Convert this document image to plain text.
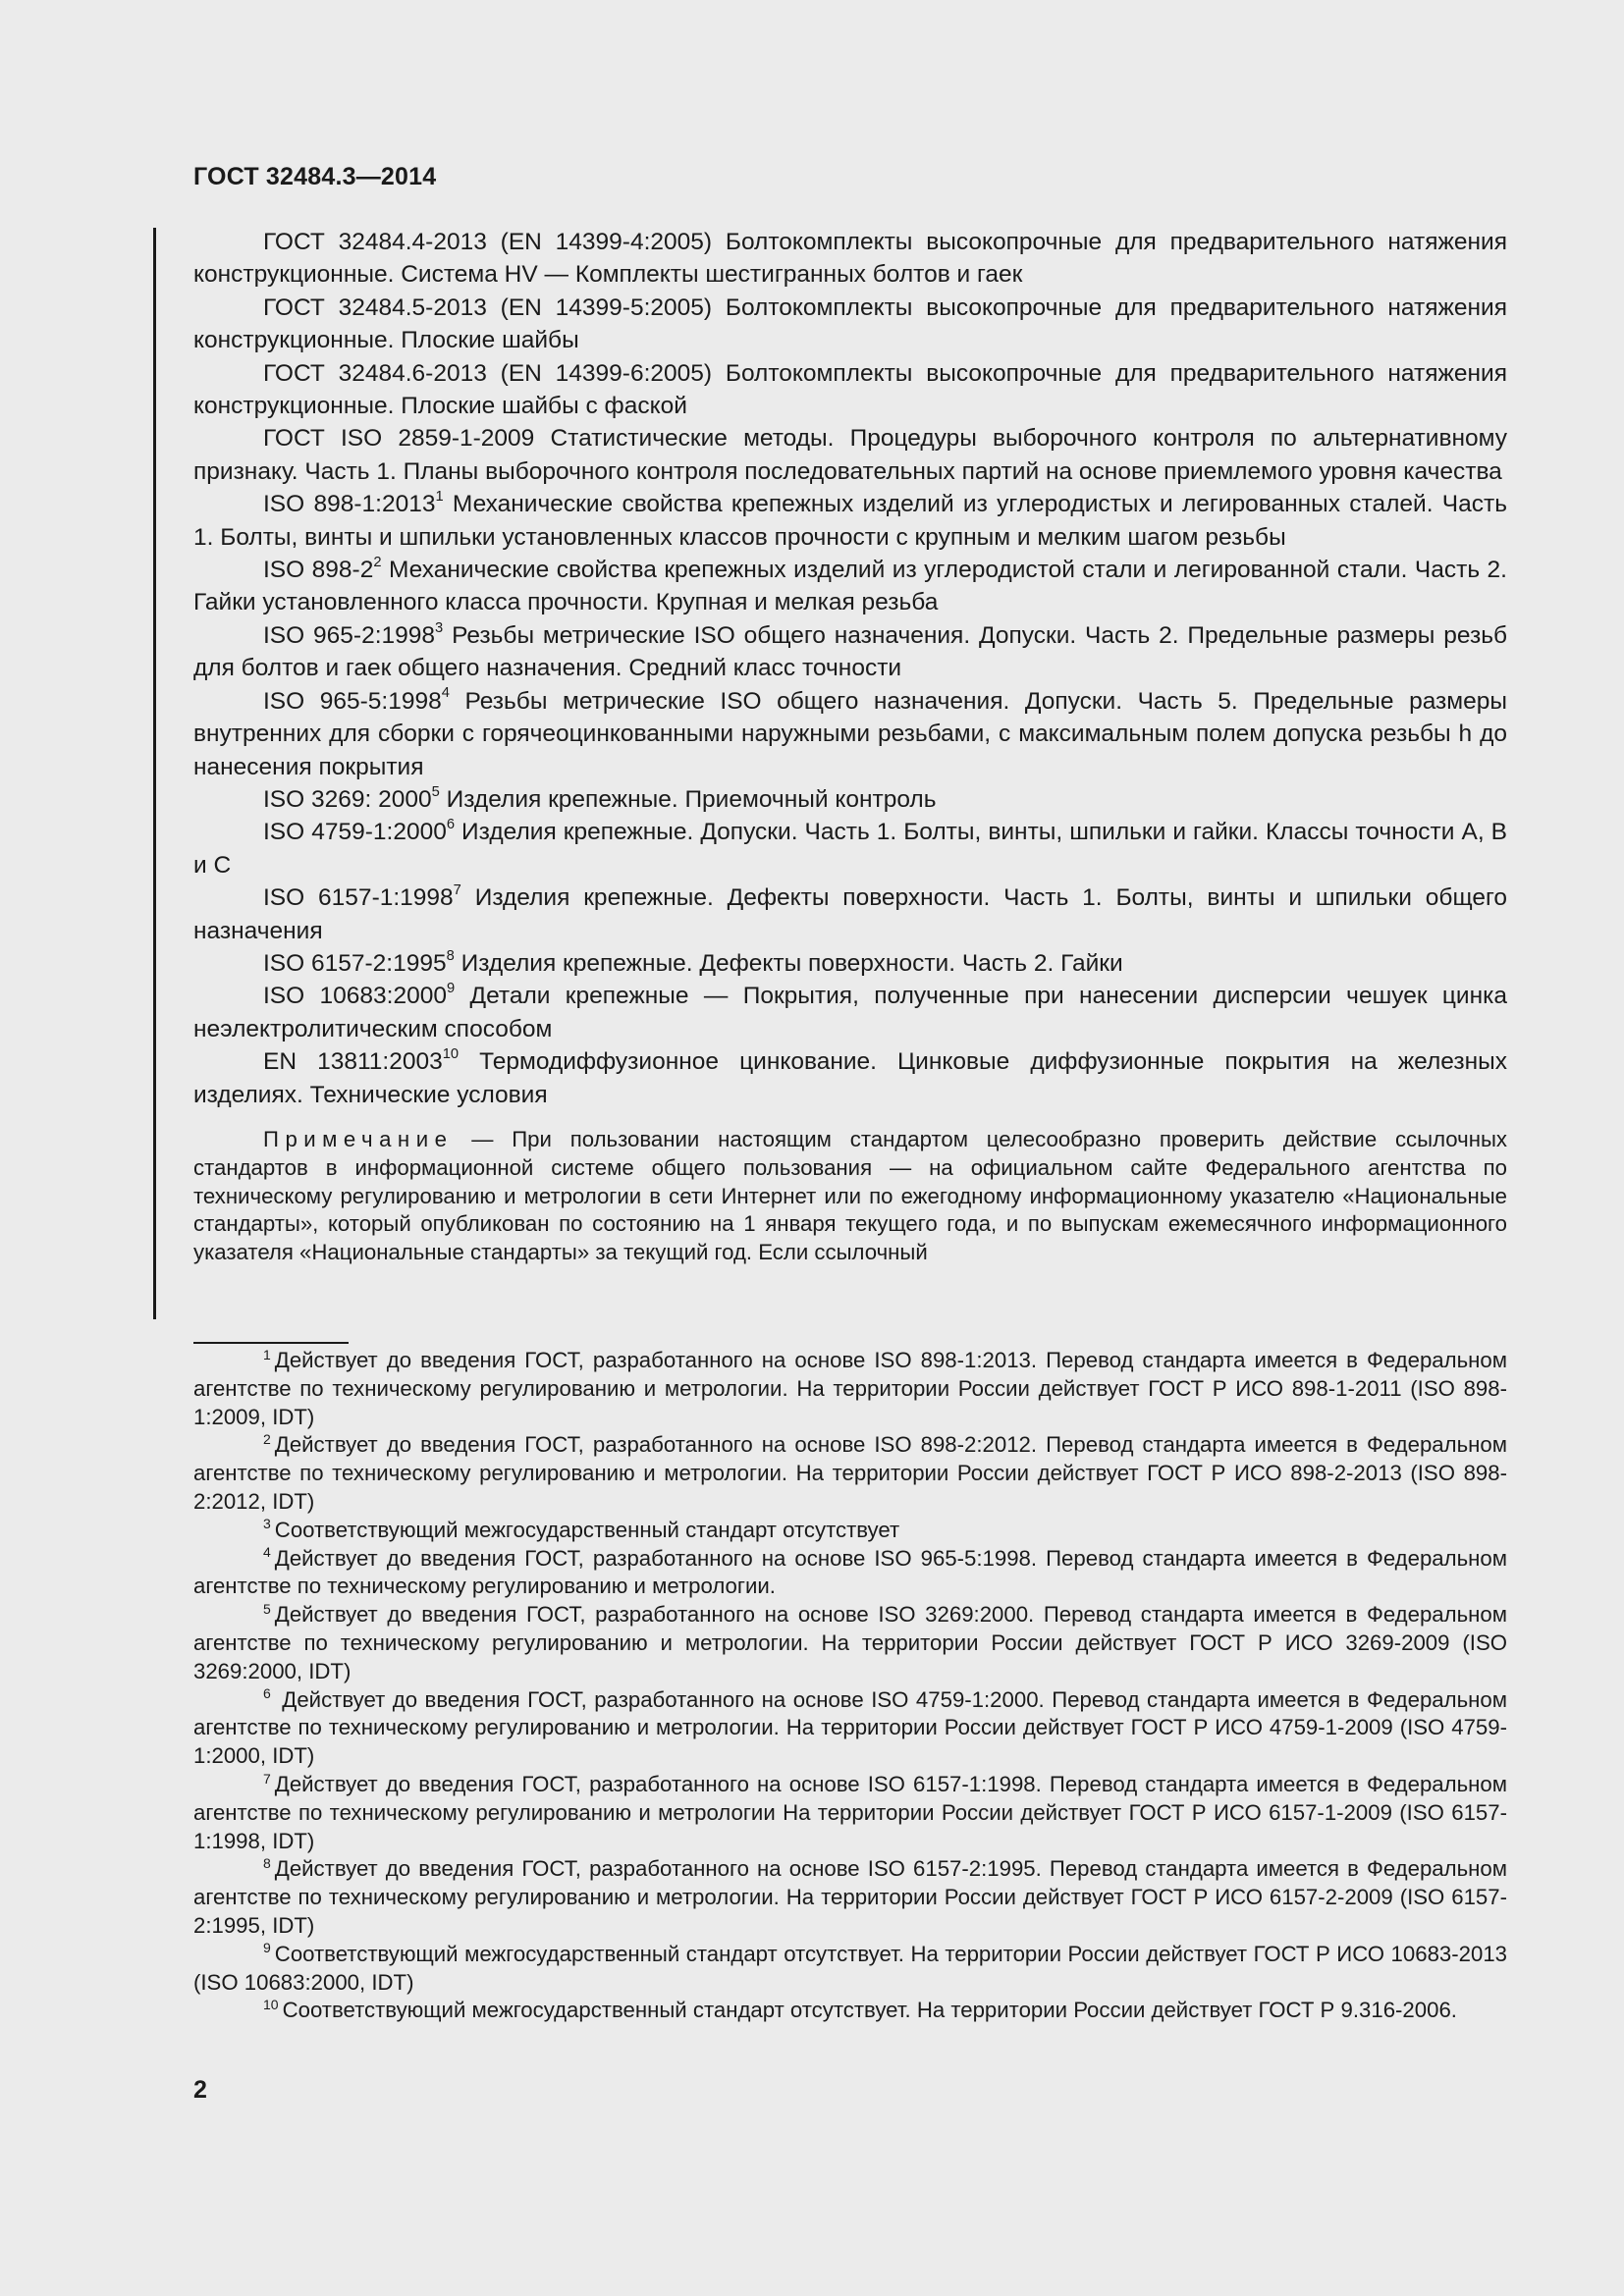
ГОСТ 32484.3—2014

ГОСТ 32484.4-2013 (EN 14399-4:2005) Болтокомплекты высокопрочные для предварительного натяжения конструкционные. Система HV — Комплекты шестигранных болтов и гаек

ГОСТ 32484.5-2013 (EN 14399-5:2005) Болтокомплекты высокопрочные для предварительного натяжения конструкционные. Плоские шайбы

ГОСТ 32484.6-2013 (EN 14399-6:2005) Болтокомплекты высокопрочные для предварительного натяжения конструкционные. Плоские шайбы с фаской

ГОСТ ISO 2859-1-2009 Статистические методы. Процедуры выборочного контроля по альтернативному признаку. Часть 1. Планы выборочного контроля последовательных партий на основе приемлемого уровня качества

ISO 898-1:2013$^1$ Механические свойства крепежных изделий из углеродистых и легированных сталей. Часть 1. Болты, винты и шпильки установленных классов прочности с крупным и мелким шагом резьбы

ISO $898-2^2$ Механические свойства крепежных изделий из углеродистой стали и легированной стали. Часть 2. Гайки установленного класса прочности. Крупная и мелкая резьба

ISO 965-2:1998$^3$ Резьбы метрические ISO общего назначения. Допуски. Часть 2. Предельные размеры резьб для болтов и гаек общего назначения. Средний класс точности

ISO 965-5:1998$^4$ Резьбы метрические ISO общего назначения. Допуски. Часть 5. Предельные размеры внутренних для сборки с горячеоцинкованными наружными резьбами, с максимальным полем допуска резьбы h до нанесения покрытия

ISO 3269: 2000$^5$ Изделия крепежные. Приемочный контроль

ISO 4759-1:2000$^6$ Изделия крепежные. Допуски. Часть 1. Болты, винты, шпильки и гайки. Классы точности А, В и С

ISO 6157-1:1998$^7$ Изделия крепежные. Дефекты поверхности. Часть 1. Болты, винты и шпильки общего назначения

ISO 6157-2:1995$^8$ Изделия крепежные. Дефекты поверхности. Часть 2. Гайки

ISO 10683:2000$^9$ Детали крепежные — Покрытия, полученные при нанесении дисперсии чешуек цинка неэлектролитическим способом

EN 13811:2003$^{10}$ Термодиффузионное цинкование. Цинковые диффузионные покрытия на железных изделиях. Технические условия

Примечание — При пользовании настоящим стандартом целесообразно проверить действие ссылочных стандартов в информационной системе общего пользования — на официальном сайте Федерального агентства по техническому регулированию и метрологии в сети Интернет или по ежегодному информационному указателю «Национальные стандарты», который опубликован по состоянию на 1 января текущего года, и по выпускам ежемесячного информационного указателя «Национальные стандарты» за текущий год. Если ссылочный

$^1$ Действует до введения ГОСТ, разработанного на основе ISO 898-1:2013. Перевод стандарта имеется в Федеральном агентстве по техническому регулированию и метрологии. На территории России действует ГОСТ Р ИСО 898-1-2011 (ISO 898-1:2009, IDT)

$^2$ Действует до введения ГОСТ, разработанного на основе ISO 898-2:2012. Перевод стандарта имеется в Федеральном агентстве по техническому регулированию и метрологии. На территории России действует ГОСТ Р ИСО 898-2-2013 (ISO 898-2:2012, IDT)

$^3$ Соответствующий межгосударственный стандарт отсутствует

$^4$ Действует до введения ГОСТ, разработанного на основе ISO 965-5:1998. Перевод стандарта имеется в Федеральном агентстве по техническому регулированию и метрологии.

$^5$ Действует до введения ГОСТ, разработанного на основе ISO 3269:2000. Перевод стандарта имеется в Федеральном агентстве по техническому регулированию и метрологии. На территории России действует ГОСТ Р ИСО 3269-2009 (ISO 3269:2000, IDT)

$^6$ Действует до введения ГОСТ, разработанного на основе ISO 4759-1:2000. Перевод стандарта имеется в Федеральном агентстве по техническому регулированию и метрологии. На территории России действует ГОСТ Р ИСО 4759-1-2009 (ISO 4759-1:2000, IDT)

$^7$ Действует до введения ГОСТ, разработанного на основе ISO 6157-1:1998. Перевод стандарта имеется в Федеральном агентстве по техническому регулированию и метрологии На территории России действует ГОСТ Р ИСО 6157-1-2009 (ISO 6157-1:1998, IDT)

$^8$ Действует до введения ГОСТ, разработанного на основе ISO 6157-2:1995. Перевод стандарта имеется в Федеральном агентстве по техническому регулированию и метрологии. На территории России действует ГОСТ Р ИСО 6157-2-2009 (ISO 6157-2:1995, IDT)

$^9$ Соответствующий межгосударственный стандарт отсутствует. На территории России действует ГОСТ Р ИСО 10683-2013 (ISO 10683:2000, IDT)

$^{10}$ Соответствующий межгосударственный стандарт отсутствует. На территории России действует ГОСТ Р 9.316-2006.

2
